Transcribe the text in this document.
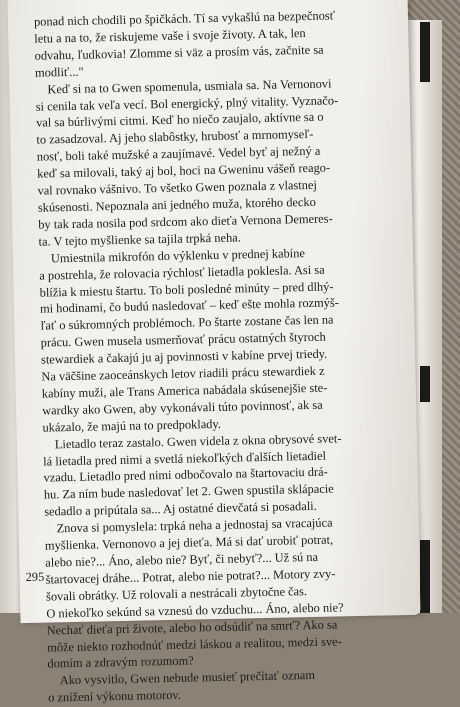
ponad nich chodili po špičkách. Tí sa vykašlú na bezpečnosť
letu a na to, že riskujeme vaše i svoje životy. A tak, len
odvahu, ľudkovia! Zlomme si väz a prosím vás, začnite sa
modliť..."
Keď si na to Gwen spomenula, usmiala sa. Na Vernonovi
si cenila tak veľa vecí. Bol energický, plný vitality. Vyznačo-
val sa búrlivými citmi. Keď ho niečo zaujalo, aktívne sa o
to zasadzoval. Aj jeho slabôstky, hrubosť a mrnomyseľ-
nosť, boli také mužské a zaujímavé. Vedel byť aj nežný a
keď sa milovali, taký aj bol, hoci na Gweninu vášeň reago-
val rovnako vášnivo. To všetko Gwen poznala z vlastnej
skúsenosti. Nepoznala ani jedného muža, ktorého decko
by tak rada nosila pod srdcom ako dieťa Vernona Demeres-
ta. V tejto myšlienke sa tajila trpká neha.
Umiestnila mikrofón do výklenku v prednej kabíne
a postrehla, že rolovacia rýchlosť lietadla poklesla. Asi sa
blížia k miestu štartu. To boli posledné minúty – pred dlhý-
mi hodinami, čo budú nasledovať – keď ešte mohla rozmýš-
ľať o súkromných problémoch. Po štarte zostane čas len na
prácu. Gwen musela usmerňovať prácu ostatných štyroch
stewardiek a čakajú ju aj povinnosti v kabíne prvej triedy.
Na väčšine zaoceánskych letov riadili prácu stewardiek z
kabíny muži, ale Trans America nabádala skúsenejšie ste-
wardky ako Gwen, aby vykonávali túto povinnosť, ak sa
ukázalo, že majú na to predpoklady.
Lietadlo teraz zastalo. Gwen videla z okna obrysové svet-
lá lietadla pred nimi a svetlá niekoľkých ďalších lietadiel
vzadu. Lietadlo pred nimi odbočovalo na štartovaciu drá-
hu. Za ním bude nasledovať let 2. Gwen spustila sklápacie
sedadlo a pripútala sa... Aj ostatné dievčatá si posadali.
Znova si pomyslela: trpká neha a jednostaj sa vracajúca
myšlienka. Vernonovo a jej dieťa. Má si dať urobiť potrat,
alebo nie?... Áno, alebo nie? Byť, či nebyť?... Už sú na
štartovacej dráhe... Potrat, alebo nie potrat?... Motory zvy-
šovali obrátky. Už rolovali a nestrácali zbytočne čas.
O niekoľko sekúnd sa vznesú do vzduchu... Áno, alebo nie?
Nechať dieťa pri živote, alebo ho odsúdiť na smrť? Ako sa
môže niekto rozhodnúť medzi láskou a realitou, medzi sve-
domím a zdravým rozumom?
Ako vysvitlo, Gwen nebude musieť prečítať oznam
o znížení výkonu motorov.
295
